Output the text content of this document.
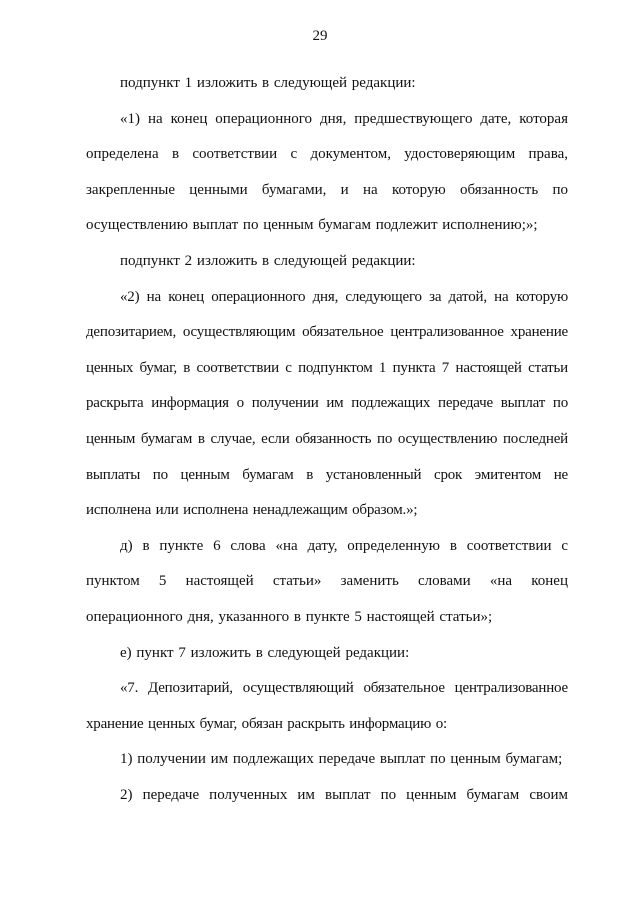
29

подпункт 1 изложить в следующей редакции:

«1) на конец операционного дня, предшествующего дате, которая определена в соответствии с документом, удостоверяющим права, закрепленные ценными бумагами, и на которую обязанность по осуществлению выплат по ценным бумагам подлежит исполнению;»;

подпункт 2 изложить в следующей редакции:

«2) на конец операционного дня, следующего за датой, на которую депозитарием, осуществляющим обязательное централизованное хранение ценных бумаг, в соответствии с подпунктом 1 пункта 7 настоящей статьи раскрыта информация о получении им подлежащих передаче выплат по ценным бумагам в случае, если обязанность по осуществлению последней выплаты по ценным бумагам в установленный срок эмитентом не исполнена или исполнена ненадлежащим образом.»;

д) в пункте 6 слова «на дату, определенную в соответствии с пунктом 5 настоящей статьи» заменить словами «на конец операционного дня, указанного в пункте 5 настоящей статьи»;

е) пункт 7 изложить в следующей редакции:

«7. Депозитарий, осуществляющий обязательное централизованное хранение ценных бумаг, обязан раскрыть информацию о:

1) получении им подлежащих передаче выплат по ценным бумагам;

2) передаче полученных им выплат по ценным бумагам своим
